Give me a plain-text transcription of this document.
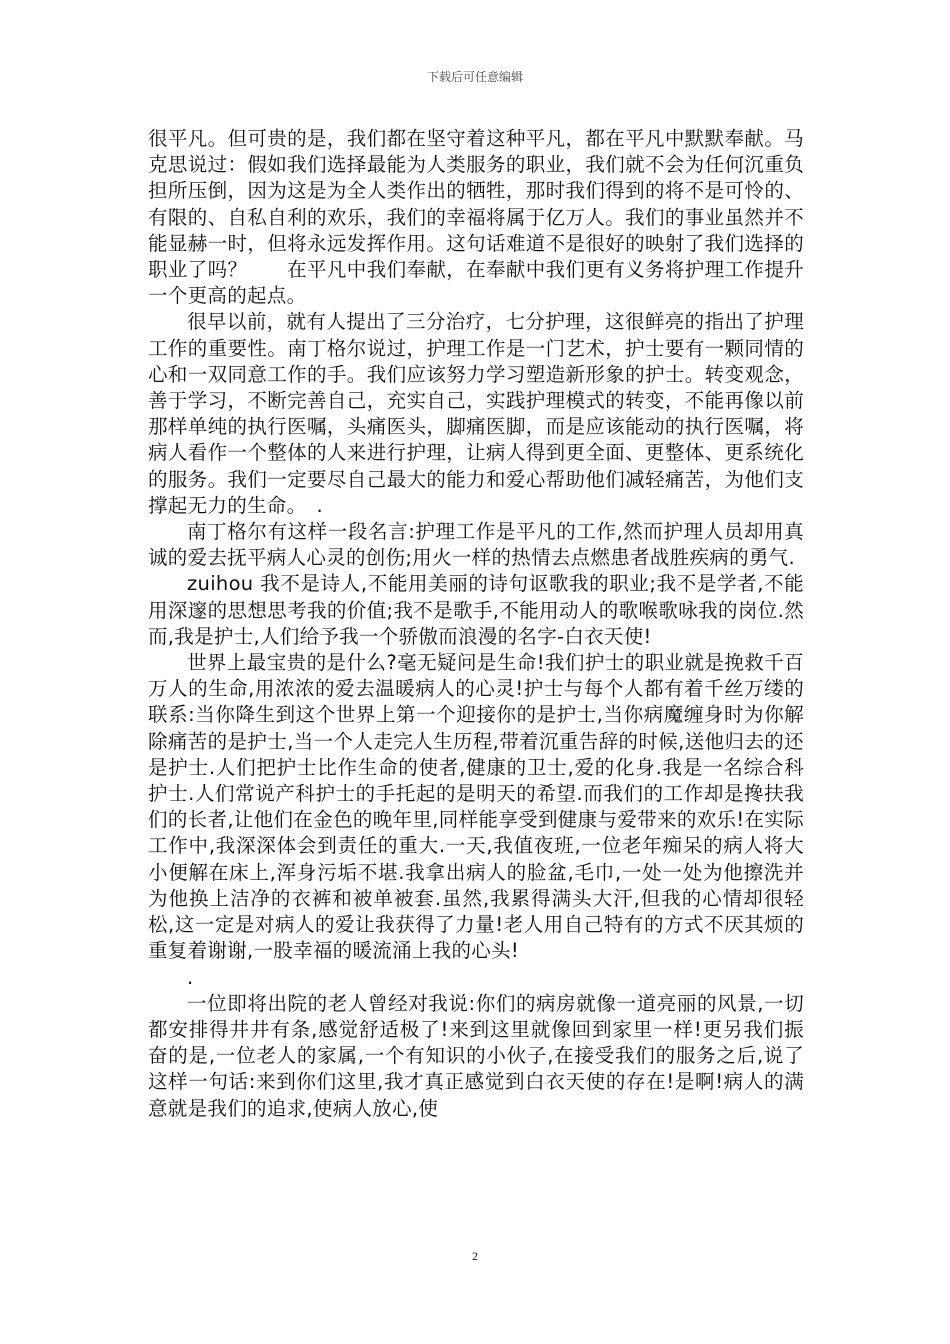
下载后可任意编辑

很平凡。但可贵的是，我们都在坚守着这种平凡，都在平凡中默默奉献。马克思说过：假如我们选择最能为人类服务的职业，我们就不会为任何沉重负担所压倒，因为这是为全人类作出的牺牲，那时我们得到的将不是可怜的、有限的、自私自利的欢乐，我们的幸福将属于亿万人。我们的事业虽然并不能显赫一时，但将永远发挥作用。这句话难道不是很好的映射了我们选择的职业了吗？　　在平凡中我们奉献，在奉献中我们更有义务将护理工作提升一个更高的起点。

很早以前，就有人提出了三分治疗，七分护理，这很鲜亮的指出了护理工作的重要性。南丁格尔说过，护理工作是一门艺术，护士要有一颗同情的心和一双同意工作的手。我们应该努力学习塑造新形象的护士。转变观念，善于学习，不断完善自己，充实自己，实践护理模式的转变，不能再像以前那样单纯的执行医嘱，头痛医头，脚痛医脚，而是应该能动的执行医嘱，将病人看作一个整体的人来进行护理，让病人得到更全面、更整体、更系统化的服务。我们一定要尽自己最大的能力和爱心帮助他们减轻痛苦，为他们支撑起无力的生命。　.

南丁格尔有这样一段名言:护理工作是平凡的工作,然而护理人员却用真诚的爱去抚平病人心灵的创伤;用火一样的热情去点燃患者战胜疾病的勇气.

zuihou 我不是诗人,不能用美丽的诗句讴歌我的职业;我不是学者,不能用深邃的思想思考我的价值;我不是歌手,不能用动人的歌喉歌咏我的岗位.然而,我是护士,人们给予我一个骄傲而浪漫的名字-白衣天使!

世界上最宝贵的是什么?毫无疑问是生命!我们护士的职业就是挽救千百万人的生命,用浓浓的爱去温暖病人的心灵!护士与每个人都有着千丝万缕的联系:当你降生到这个世界上第一个迎接你的是护士,当你病魔缠身时为你解除痛苦的是护士,当一个人走完人生历程,带着沉重告辞的时候,送他归去的还是护士.人们把护士比作生命的使者,健康的卫士,爱的化身.我是一名综合科护士.人们常说产科护士的手托起的是明天的希望.而我们的工作却是搀扶我们的长者,让他们在金色的晚年里,同样能享受到健康与爱带来的欢乐!在实际工作中,我深深体会到责任的重大.一天,我值夜班,一位老年痴呆的病人将大小便解在床上,浑身污垢不堪.我拿出病人的脸盆,毛巾,一处一处为他擦洗并为他换上洁净的衣裤和被单被套.虽然,我累得满头大汗,但我的心情却很轻松,这一定是对病人的爱让我获得了力量!老人用自己特有的方式不厌其烦的重复着谢谢,一股幸福的暖流涌上我的心头!

.

一位即将出院的老人曾经对我说:你们的病房就像一道亮丽的风景,一切都安排得井井有条,感觉舒适极了!来到这里就像回到家里一样!更另我们振奋的是,一位老人的家属,一个有知识的小伙子,在接受我们的服务之后,说了这样一句话:来到你们这里,我才真正感觉到白衣天使的存在!是啊!病人的满意就是我们的追求,使病人放心,使

2
